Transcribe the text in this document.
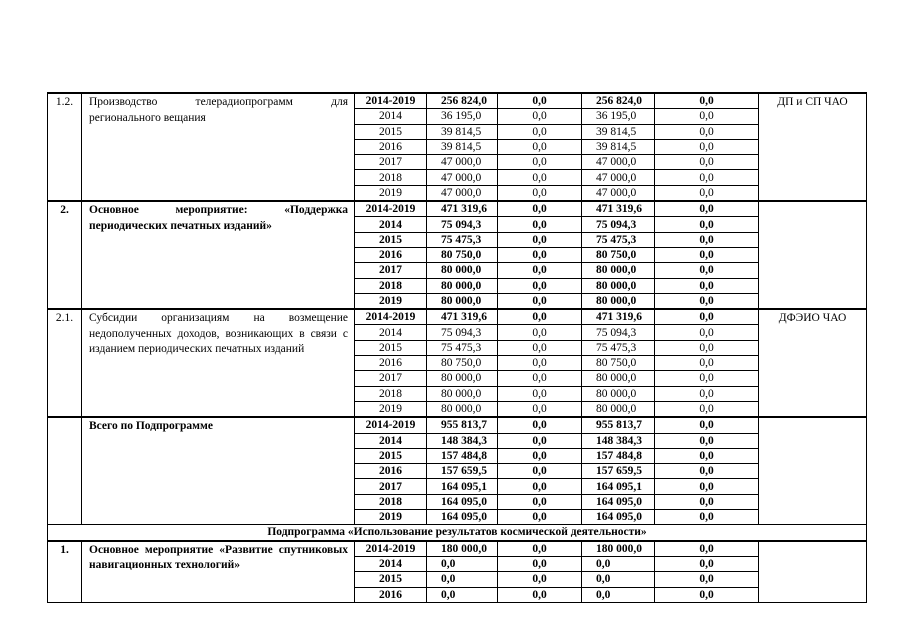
1.2.	Производство телерадиопрограмм для регионального вещания	2014-2019	256 824,0	0,0	256 824,0	0,0	ДП и СП ЧАО
		2014	36 195,0	0,0	36 195,0	0,0	
		2015	39 814,5	0,0	39 814,5	0,0	
		2016	39 814,5	0,0	39 814,5	0,0	
		2017	47 000,0	0,0	47 000,0	0,0	
		2018	47 000,0	0,0	47 000,0	0,0	
		2019	47 000,0	0,0	47 000,0	0,0	
2.	Основное мероприятие: «Поддержка периодических печатных изданий»	2014-2019	471 319,6	0,0	471 319,6	0,0	
		2014	75 094,3	0,0	75 094,3	0,0	
		2015	75 475,3	0,0	75 475,3	0,0	
		2016	80 750,0	0,0	80 750,0	0,0	
		2017	80 000,0	0,0	80 000,0	0,0	
		2018	80 000,0	0,0	80 000,0	0,0	
		2019	80 000,0	0,0	80 000,0	0,0	
2.1.	Субсидии организациям на возмещение недополученных доходов, возникающих в связи с изданием периодических печатных изданий	2014-2019	471 319,6	0,0	471 319,6	0,0	ДФЭИО ЧАО
		2014	75 094,3	0,0	75 094,3	0,0	
		2015	75 475,3	0,0	75 475,3	0,0	
		2016	80 750,0	0,0	80 750,0	0,0	
		2017	80 000,0	0,0	80 000,0	0,0	
		2018	80 000,0	0,0	80 000,0	0,0	
		2019	80 000,0	0,0	80 000,0	0,0	
	Всего по Подпрограмме	2014-2019	955 813,7	0,0	955 813,7	0,0	
		2014	148 384,3	0,0	148 384,3	0,0	
		2015	157 484,8	0,0	157 484,8	0,0	
		2016	157 659,5	0,0	157 659,5	0,0	
		2017	164 095,1	0,0	164 095,1	0,0	
		2018	164 095,0	0,0	164 095,0	0,0	
		2019	164 095,0	0,0	164 095,0	0,0	
Подпрограмма «Использование результатов космической деятельности»							
1.	Основное мероприятие «Развитие спутниковых навигационных технологий»	2014-2019	180 000,0	0,0	180 000,0	0,0	
		2014	0,0	0,0	0,0	0,0	
		2015	0,0	0,0	0,0	0,0	
		2016	0,0	0,0	0,0	0,0	
